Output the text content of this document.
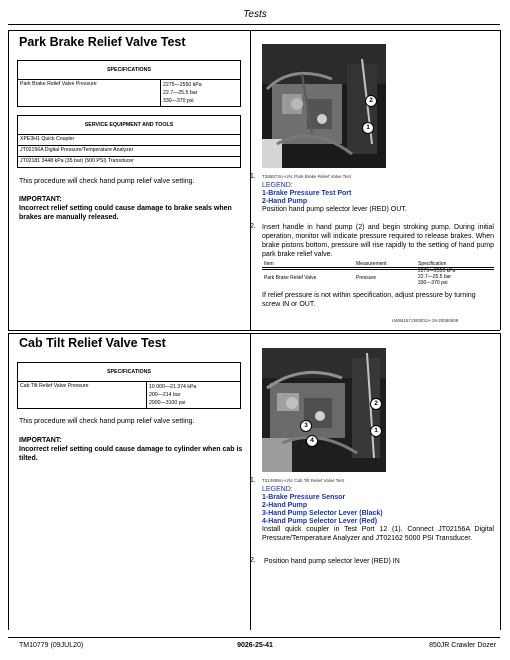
Tests
Park Brake Relief Valve Test
SPECIFICATIONS
Park Brake Relief Valve Pressure	2275—2550 kPa
22.7—25.5 bar
330—370 psi
SERVICE EQUIPMENT AND TOOLS
XPE3H1 Quick Coupler
JT02156A Digital Pressure/Temperature Analyzer
JT02181 3448 kPa (35 bar) (500 PSI) Transducer
This procedure will check hand pump relief valve setting.
IMPORTANT:
Incorrect relief setting could cause damage to brake seals when brakes are manually released.
2
1
1. T265573A–UN: Park Brake Relief Valve Test
LEGEND:
1-Brake Pressure Test Port
2-Hand Pump
Position hand pump selector lever (RED) OUT.
2. Insert handle in hand pump (2) and begin stroking pump. During initial operation, monitor will indicate pressure required to release brakes. When brake pistons bottom, pressure will rise rapidly to the setting of hand pump park brake relief valve.
Item	Measurement	Specification
Park Brake Relief Valve	Pressure	2275—2550 kPa
22.7—25.5 bar
330—370 psi
If relief pressure is not within specification, adjust pressure by turning screw IN or OUT.
LW86157,000001A-19-20080509
Cab Tilt Relief Valve Test
SPECIFICATIONS
Cab Tilt Relief Valve Pressure	10 000—21 374 kPa
200—214 bar
2900—3100 psi
This procedure will check hand pump relief valve setting.
IMPORTANT:
Incorrect relief setting could cause damage to cylinder when cab is tilted.
2
3
4
1
1. T214859A–UN: Cab Tilt Relief Valve Test
LEGEND:
1-Brake Pressure Sensor
2-Hand Pump
3-Hand Pump Selector Lever (Black)
4-Hand Pump Selector Lever (Red)
Install quick coupler in Test Port 12 (1). Connect JT02156A Digital Pressure/Temperature Analyzer and JT02162 5000 PSI Transducer.
2. Position hand pump selector lever (RED) IN
TM10779 (09JUL20)	9026-25-41	850JR Crawler Dozer
